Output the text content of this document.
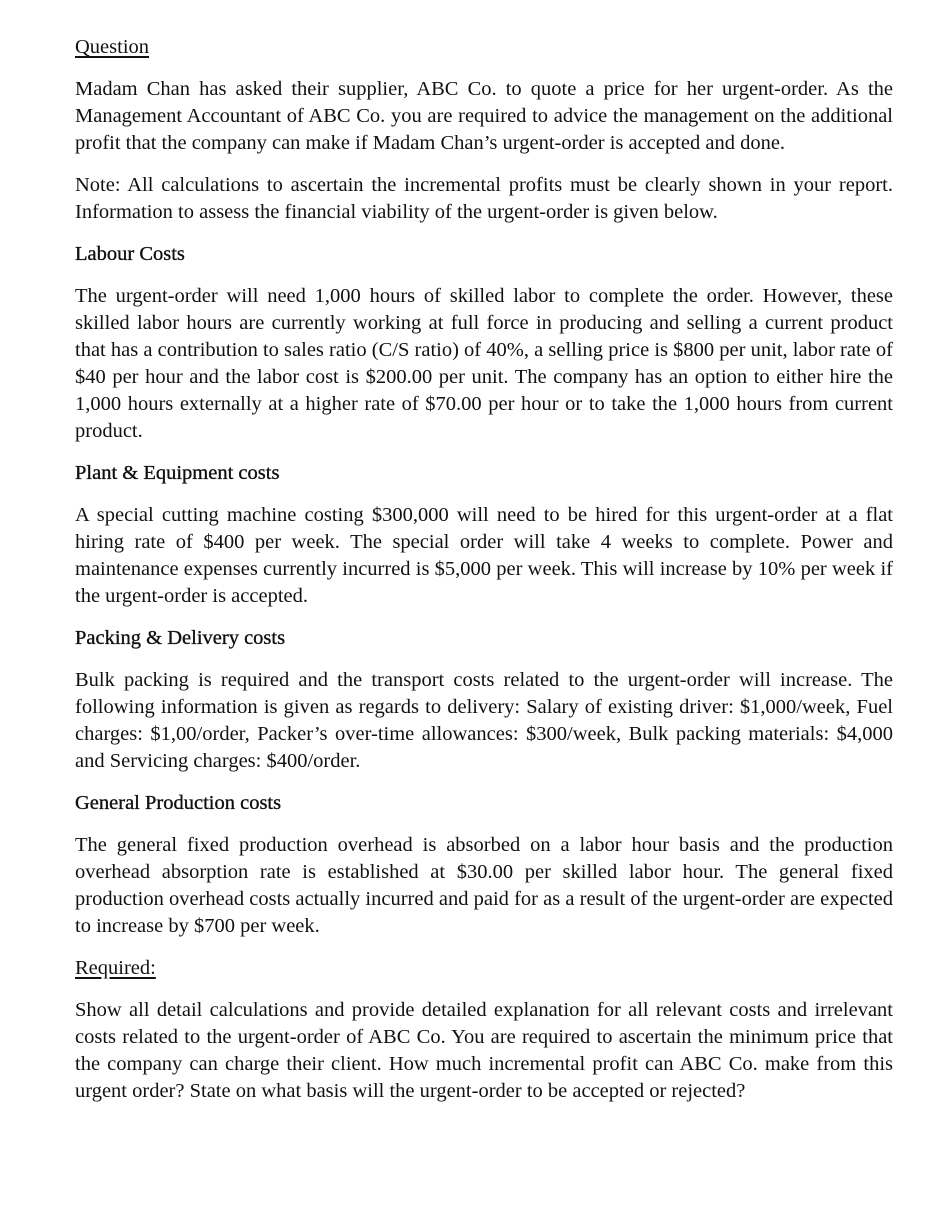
Question

Madam Chan has asked their supplier, ABC Co. to quote a price for her urgent-order. As the Management Accountant of ABC Co. you are required to advice the management on the additional profit that the company can make if Madam Chan’s urgent-order is accepted and done.

Note: All calculations to ascertain the incremental profits must be clearly shown in your report. Information to assess the financial viability of the urgent-order is given below.

Labour Costs

The urgent-order will need 1,000 hours of skilled labor to complete the order. However, these skilled labor hours are currently working at full force in producing and selling a current product that has a contribution to sales ratio (C/S ratio) of 40%, a selling price is $800 per unit, labor rate of $40 per hour and the labor cost is $200.00 per unit. The company has an option to either hire the 1,000 hours externally at a higher rate of $70.00 per hour or to take the 1,000 hours from current product.

Plant & Equipment costs

A special cutting machine costing $300,000 will need to be hired for this urgent-order at a flat hiring rate of $400 per week. The special order will take 4 weeks to complete. Power and maintenance expenses currently incurred is $5,000 per week. This will increase by 10% per week if the urgent-order is accepted.

Packing & Delivery costs

Bulk packing is required and the transport costs related to the urgent-order will increase. The following information is given as regards to delivery: Salary of existing driver: $1,000/week, Fuel charges: $1,00/order, Packer’s over-time allowances: $300/week, Bulk packing materials: $4,000 and Servicing charges: $400/order.

General Production costs

The general fixed production overhead is absorbed on a labor hour basis and the production overhead absorption rate is established at $30.00 per skilled labor hour. The general fixed production overhead costs actually incurred and paid for as a result of the urgent-order are expected to increase by $700 per week.

Required:

Show all detail calculations and provide detailed explanation for all relevant costs and irrelevant costs related to the urgent-order of ABC Co. You are required to ascertain the minimum price that the company can charge their client. How much incremental profit can ABC Co. make from this urgent order? State on what basis will the urgent-order to be accepted or rejected?
